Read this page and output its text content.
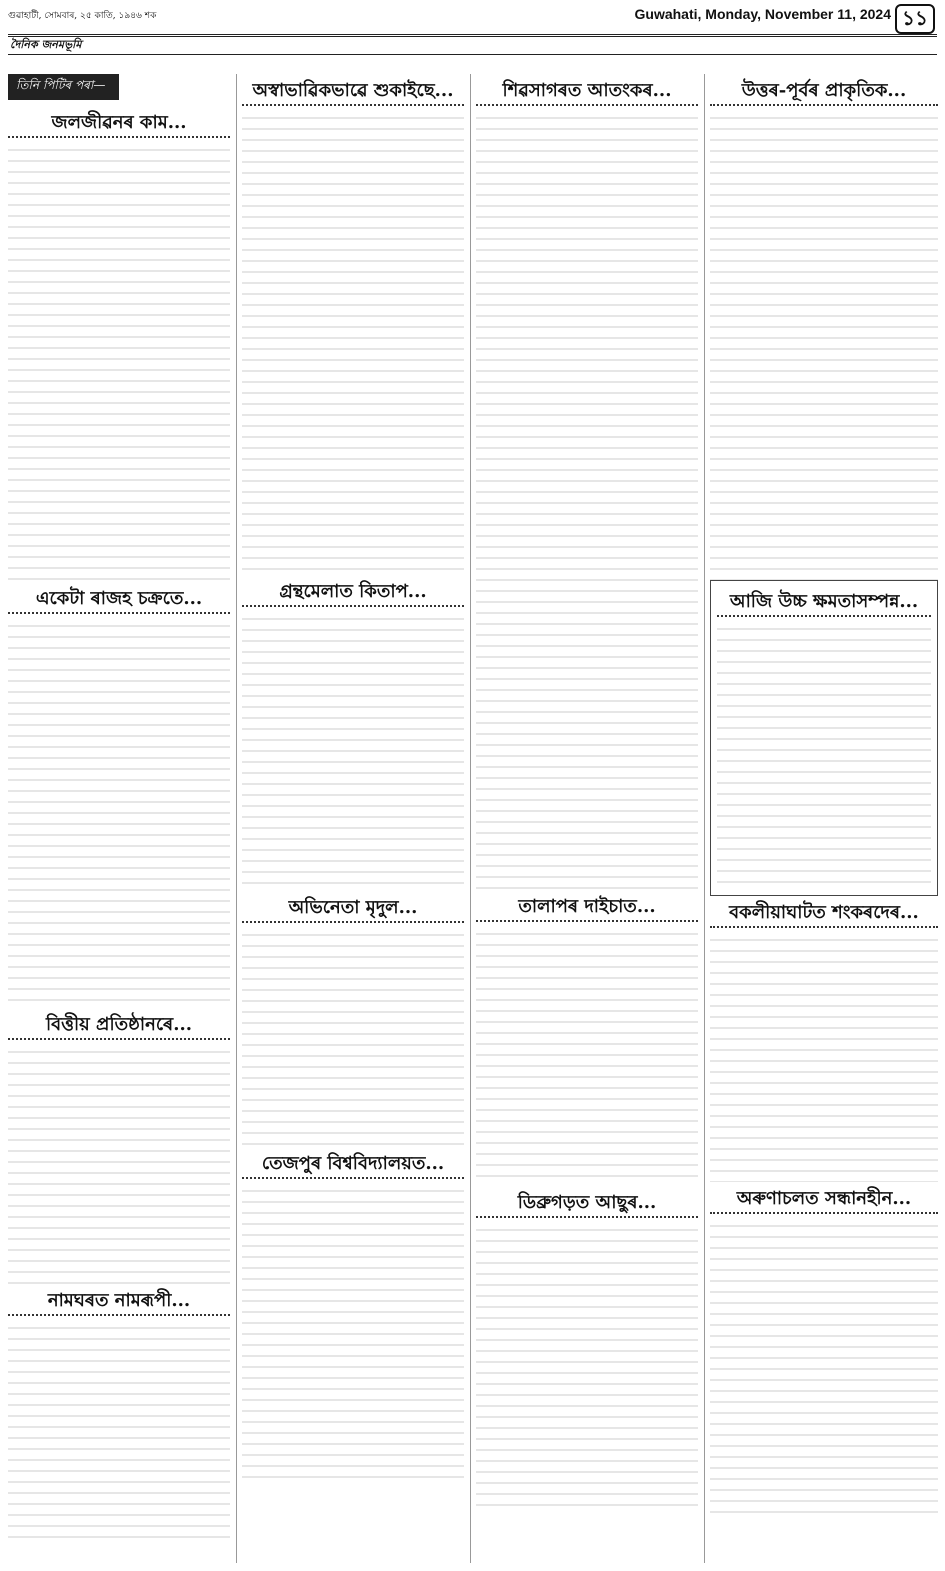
গুৱাহাটী, সোমবাৰ, ২৫ কাতি, ১৯৪৬ শক	Guwahati, Monday, November 11, 2024 ১১
দৈনিক জনমভূমি
তিনি পিটিৰ পৰা—
জলজীৱনৰ কাম...
একেটা ৰাজহ চক্ৰতে...
বিত্তীয় প্ৰতিষ্ঠানৰে...
নামঘৰত নামৰূপী...
অস্বাভাৱিকভাৱে শুকাইছে...
গ্ৰন্থমেলাত কিতাপ...
অভিনেতা মৃদুল...
তেজপুৰ বিশ্ববিদ্যালয়ত...
শিৱসাগৰত আতংকৰ...
তালাপৰ দাইচাত...
ডিব্ৰুগড়ত আছুৰ...
উত্তৰ-পূৰ্বৰ প্ৰাকৃতিক...
আজি উচ্চ ক্ষমতাসম্পন্ন...
বকলীয়াঘাটত শংকৰদেৰ...
অৰুণাচলত সন্ধানহীন...
